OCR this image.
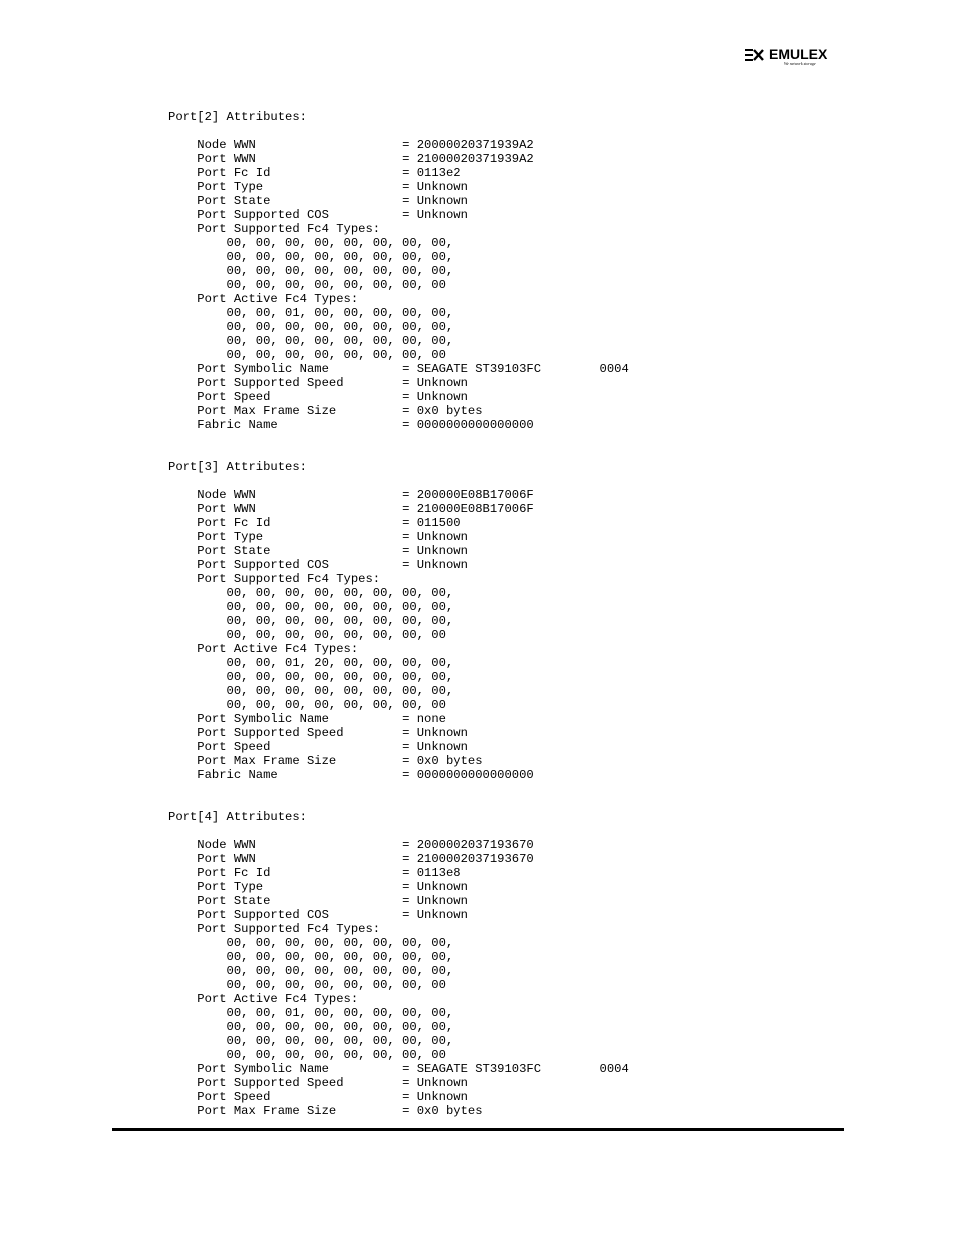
EMULEX
We network storage
Port[2] Attributes:
Node WWN                    = 20000020371939A2
Port WWN                    = 21000020371939A2
Port Fc Id                  = 0113e2
Port Type                   = Unknown
Port State                  = Unknown
Port Supported COS          = Unknown
Port Supported Fc4 Types:
00, 00, 00, 00, 00, 00, 00, 00,
00, 00, 00, 00, 00, 00, 00, 00,
00, 00, 00, 00, 00, 00, 00, 00,
00, 00, 00, 00, 00, 00, 00, 00
Port Active Fc4 Types:
00, 00, 01, 00, 00, 00, 00, 00,
00, 00, 00, 00, 00, 00, 00, 00,
00, 00, 00, 00, 00, 00, 00, 00,
00, 00, 00, 00, 00, 00, 00, 00
Port Symbolic Name          = SEAGATE ST39103FC        0004
Port Supported Speed        = Unknown
Port Speed                  = Unknown
Port Max Frame Size         = 0x0 bytes
Fabric Name                 = 0000000000000000
Port[3] Attributes:
Node WWN                    = 200000E08B17006F
Port WWN                    = 210000E08B17006F
Port Fc Id                  = 011500
Port Type                   = Unknown
Port State                  = Unknown
Port Supported COS          = Unknown
Port Supported Fc4 Types:
00, 00, 00, 00, 00, 00, 00, 00,
00, 00, 00, 00, 00, 00, 00, 00,
00, 00, 00, 00, 00, 00, 00, 00,
00, 00, 00, 00, 00, 00, 00, 00
Port Active Fc4 Types:
00, 00, 01, 20, 00, 00, 00, 00,
00, 00, 00, 00, 00, 00, 00, 00,
00, 00, 00, 00, 00, 00, 00, 00,
00, 00, 00, 00, 00, 00, 00, 00
Port Symbolic Name          = none
Port Supported Speed        = Unknown
Port Speed                  = Unknown
Port Max Frame Size         = 0x0 bytes
Fabric Name                 = 0000000000000000
Port[4] Attributes:
Node WWN                    = 2000002037193670
Port WWN                    = 2100002037193670
Port Fc Id                  = 0113e8
Port Type                   = Unknown
Port State                  = Unknown
Port Supported COS          = Unknown
Port Supported Fc4 Types:
00, 00, 00, 00, 00, 00, 00, 00,
00, 00, 00, 00, 00, 00, 00, 00,
00, 00, 00, 00, 00, 00, 00, 00,
00, 00, 00, 00, 00, 00, 00, 00
Port Active Fc4 Types:
00, 00, 01, 00, 00, 00, 00, 00,
00, 00, 00, 00, 00, 00, 00, 00,
00, 00, 00, 00, 00, 00, 00, 00,
00, 00, 00, 00, 00, 00, 00, 00
Port Symbolic Name          = SEAGATE ST39103FC        0004
Port Supported Speed        = Unknown
Port Speed                  = Unknown
Port Max Frame Size         = 0x0 bytes
